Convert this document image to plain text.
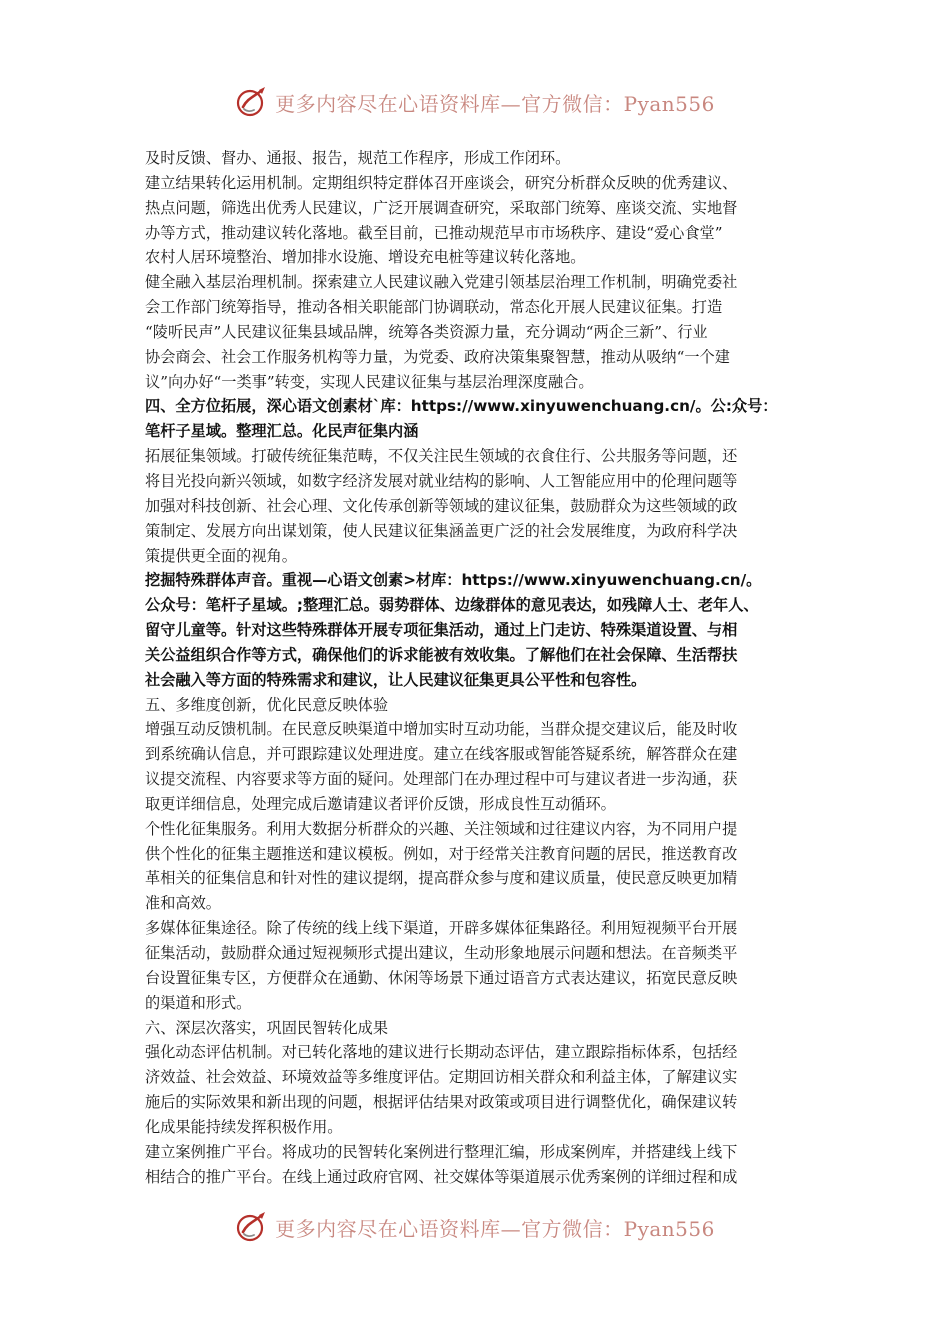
更多内容尽在心语资料库—官方微信：Pyan556
及时反馈、督办、通报、报告，规范工作程序，形成工作闭环。
建立结果转化运用机制。定期组织特定群体召开座谈会，研究分析群众反映的优秀建议、
热点问题，筛选出优秀人民建议，广泛开展调查研究，采取部门统筹、座谈交流、实地督
办等方式，推动建议转化落地。截至目前，已推动规范早市市场秩序、建设“爱心食堂”
农村人居环境整治、增加排水设施、增设充电桩等建议转化落地。
健全融入基层治理机制。探索建立人民建议融入党建引领基层治理工作机制，明确党委社
会工作部门统筹指导，推动各相关职能部门协调联动，常态化开展人民建议征集。打造
“陵听民声”人民建议征集县域品牌，统筹各类资源力量，充分调动“两企三新”、行业
协会商会、社会工作服务机构等力量，为党委、政府决策集聚智慧，推动从吸纳“一个建
议”向办好“一类事”转变，实现人民建议征集与基层治理深度融合。
四、全方位拓展，深心语文创素材`库：https://www.xinyuwenchuang.cn/。公:众号：
笔杆子星域。整理汇总。化民声征集内涵
拓展征集领域。打破传统征集范畴，不仅关注民生领域的衣食住行、公共服务等问题，还
将目光投向新兴领域，如数字经济发展对就业结构的影响、人工智能应用中的伦理问题等
加强对科技创新、社会心理、文化传承创新等领域的建议征集，鼓励群众为这些领域的政
策制定、发展方向出谋划策，使人民建议征集涵盖更广泛的社会发展维度，为政府科学决
策提供更全面的视角。
挖掘特殊群体声音。重视—心语文创素>材库：https://www.xinyuwenchuang.cn/。
公众号：笔杆子星域。;整理汇总。弱势群体、边缘群体的意见表达，如残障人士、老年人、
留守儿童等。针对这些特殊群体开展专项征集活动，通过上门走访、特殊渠道设置、与相
关公益组织合作等方式，确保他们的诉求能被有效收集。了解他们在社会保障、生活帮扶
社会融入等方面的特殊需求和建议，让人民建议征集更具公平性和包容性。
五、多维度创新，优化民意反映体验
增强互动反馈机制。在民意反映渠道中增加实时互动功能，当群众提交建议后，能及时收
到系统确认信息，并可跟踪建议处理进度。建立在线客服或智能答疑系统，解答群众在建
议提交流程、内容要求等方面的疑问。处理部门在办理过程中可与建议者进一步沟通，获
取更详细信息，处理完成后邀请建议者评价反馈，形成良性互动循环。
个性化征集服务。利用大数据分析群众的兴趣、关注领域和过往建议内容，为不同用户提
供个性化的征集主题推送和建议模板。例如，对于经常关注教育问题的居民，推送教育改
革相关的征集信息和针对性的建议提纲，提高群众参与度和建议质量，使民意反映更加精
准和高效。
多媒体征集途径。除了传统的线上线下渠道，开辟多媒体征集路径。利用短视频平台开展
征集活动，鼓励群众通过短视频形式提出建议，生动形象地展示问题和想法。在音频类平
台设置征集专区，方便群众在通勤、休闲等场景下通过语音方式表达建议，拓宽民意反映
的渠道和形式。
六、深层次落实，巩固民智转化成果
强化动态评估机制。对已转化落地的建议进行长期动态评估，建立跟踪指标体系，包括经
济效益、社会效益、环境效益等多维度评估。定期回访相关群众和利益主体，了解建议实
施后的实际效果和新出现的问题，根据评估结果对政策或项目进行调整优化，确保建议转
化成果能持续发挥积极作用。
建立案例推广平台。将成功的民智转化案例进行整理汇编，形成案例库，并搭建线上线下
相结合的推广平台。在线上通过政府官网、社交媒体等渠道展示优秀案例的详细过程和成
更多内容尽在心语资料库—官方微信：Pyan556
